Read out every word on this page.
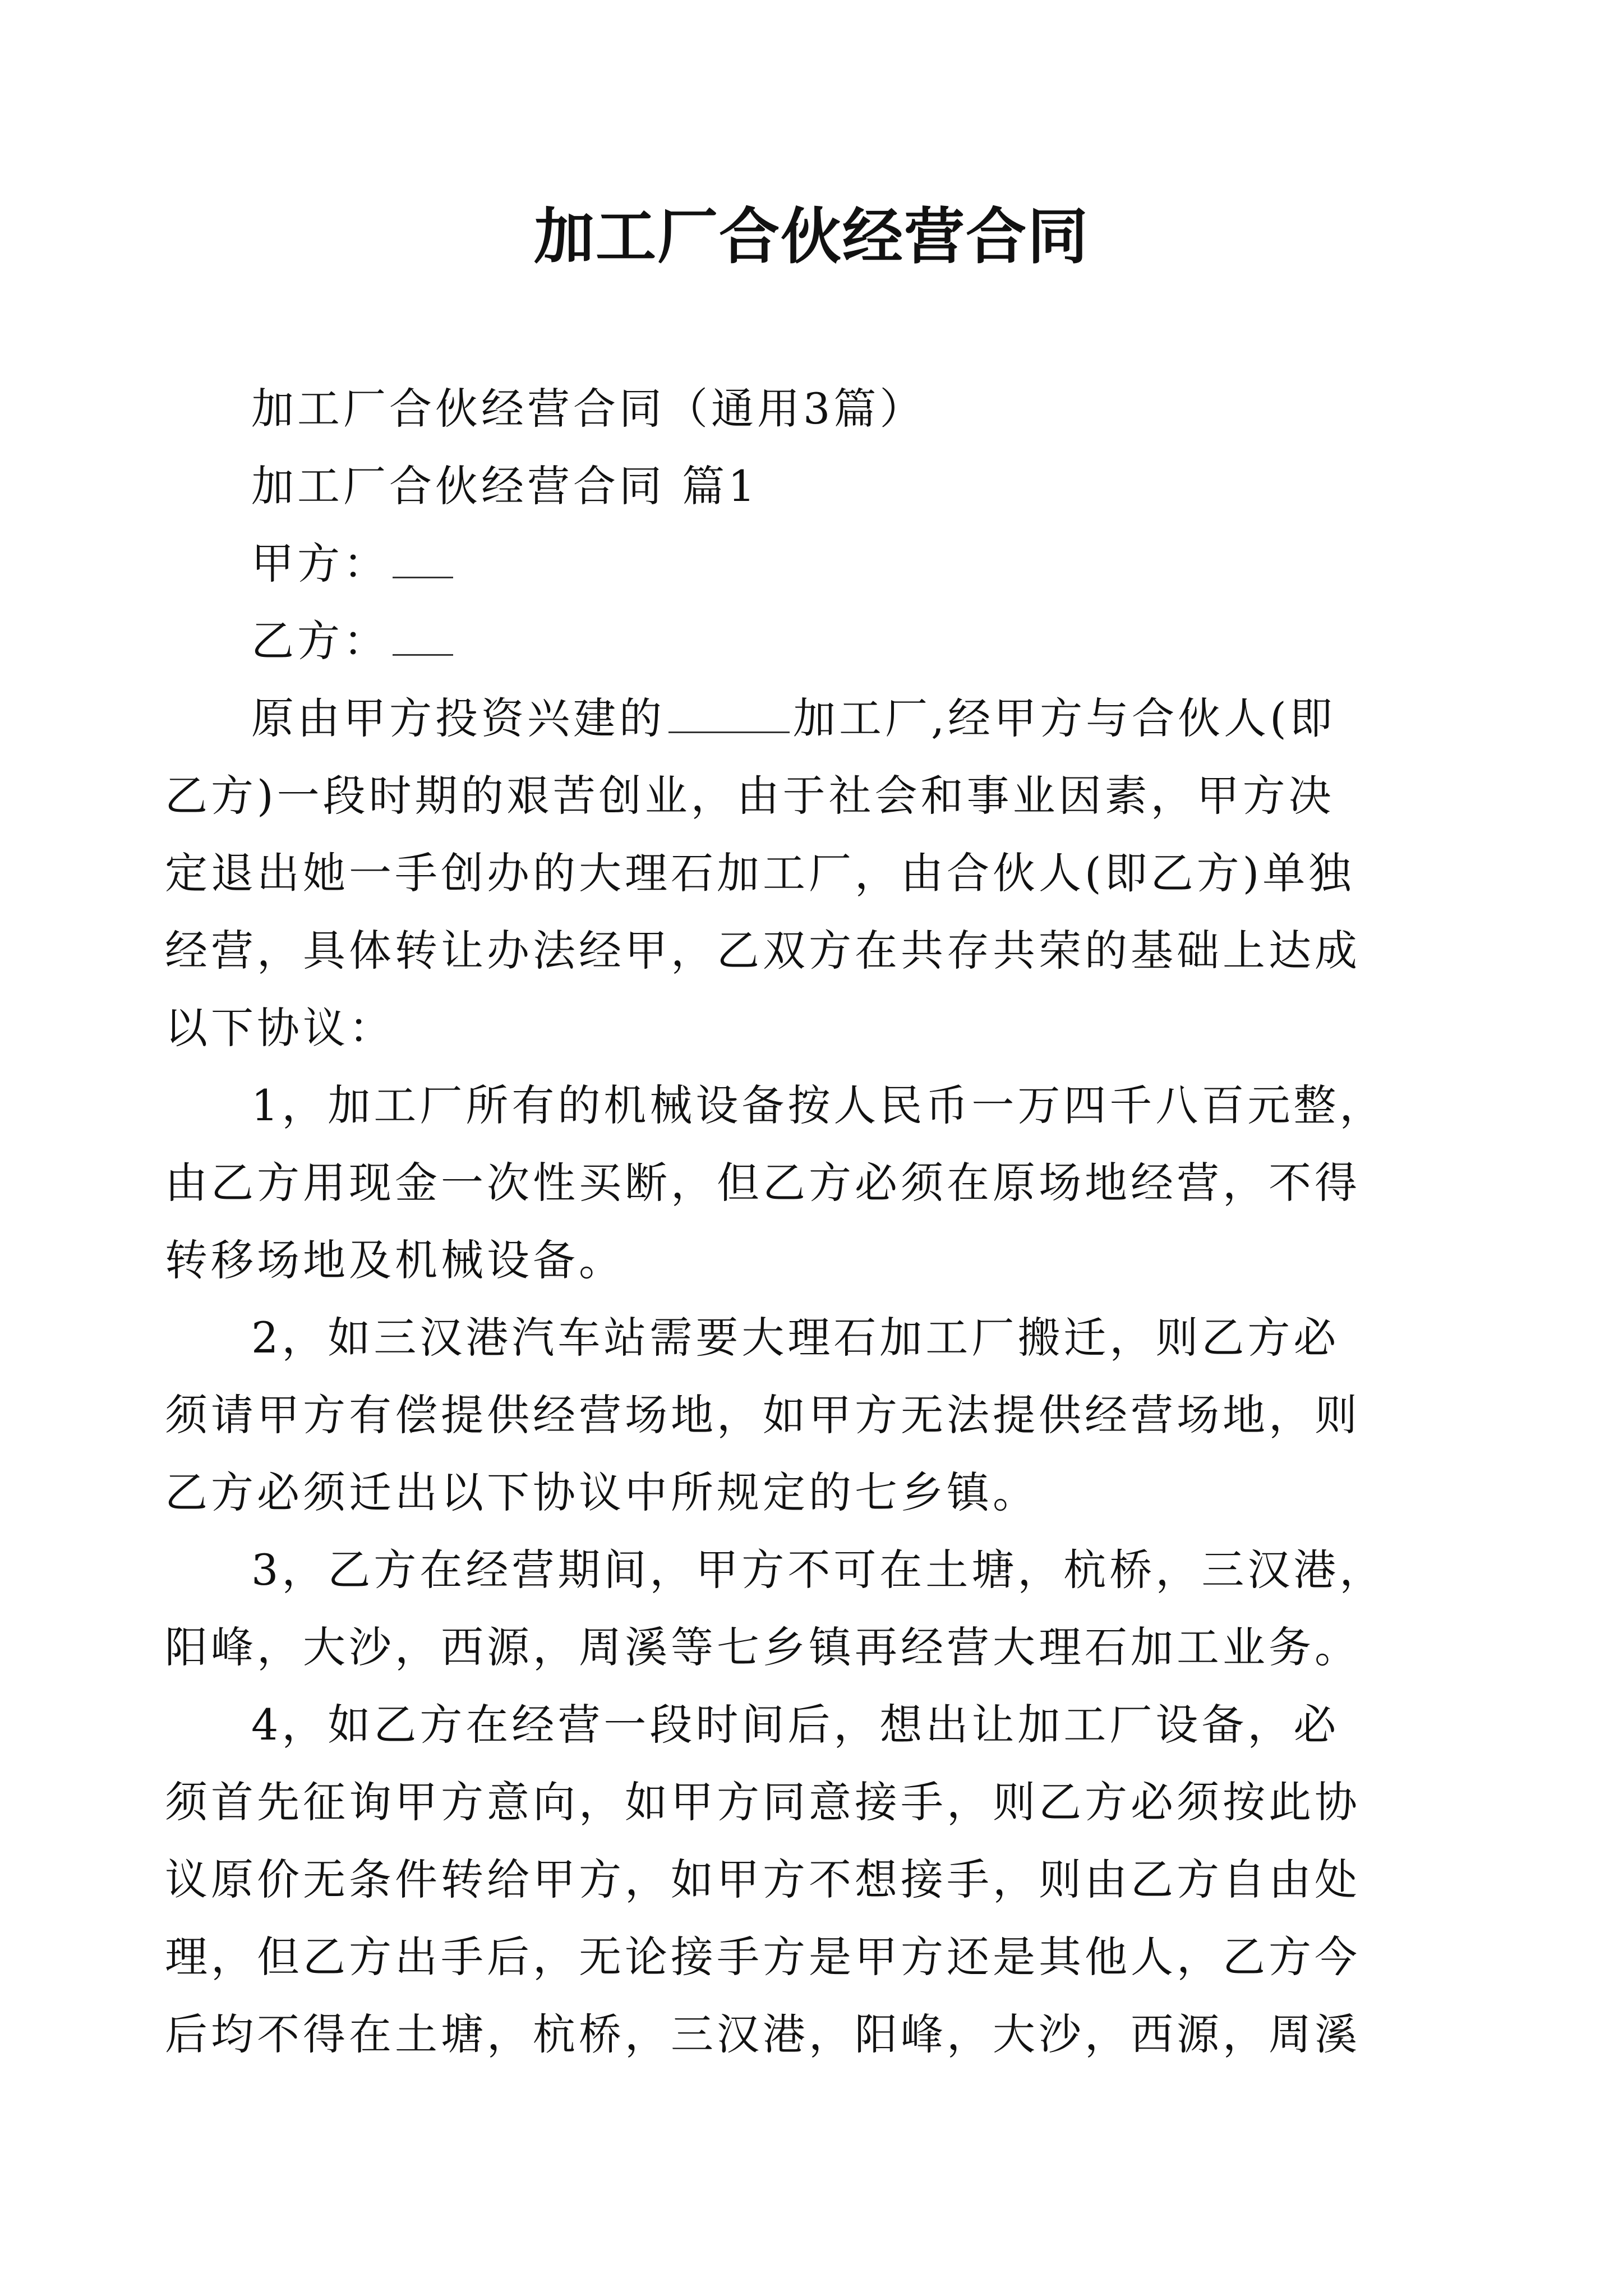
加工厂合伙经营合同
加工厂合伙经营合同（通用3篇）
加工厂合伙经营合同 篇1
甲方：
乙方：
原由甲方投资兴建的	加工厂,经甲方与合伙人(即
乙方)一段时期的艰苦创业，由于社会和事业因素，甲方决
定退出她一手创办的大理石加工厂，由合伙人(即乙方)单独
经营，具体转让办法经甲，乙双方在共存共荣的基础上达成
以下协议：
1，加工厂所有的机械设备按人民币一万四千八百元整，
由乙方用现金一次性买断，但乙方必须在原场地经营，不得
转移场地及机械设备。
2，如三汉港汽车站需要大理石加工厂搬迁，则乙方必
须请甲方有偿提供经营场地，如甲方无法提供经营场地，则
乙方必须迁出以下协议中所规定的七乡镇。
3，乙方在经营期间，甲方不可在土塘，杭桥，三汉港，
阳峰，大沙，西源，周溪等七乡镇再经营大理石加工业务。
4，如乙方在经营一段时间后，想出让加工厂设备，必
须首先征询甲方意向，如甲方同意接手，则乙方必须按此协
议原价无条件转给甲方，如甲方不想接手，则由乙方自由处
理，但乙方出手后，无论接手方是甲方还是其他人，乙方今
后均不得在土塘，杭桥，三汉港，阳峰，大沙，西源，周溪
